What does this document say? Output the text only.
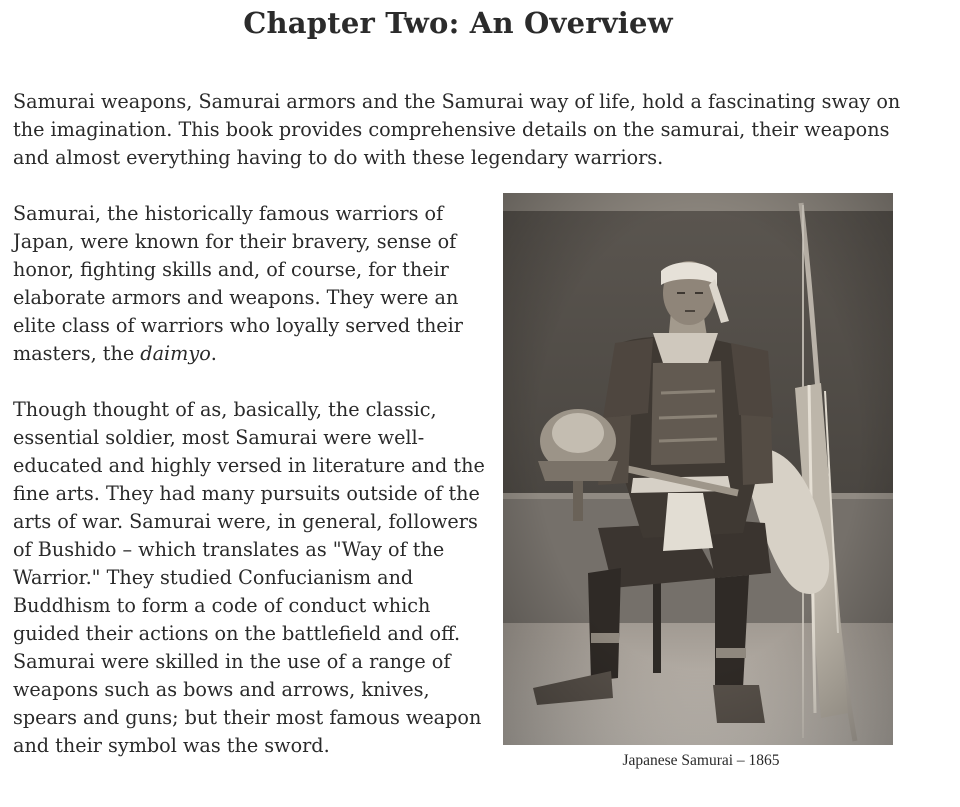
Chapter Two: An Overview

Samurai weapons, Samurai armors and the Samurai way of life, hold a fascinating sway on the imagination. This book provides comprehensive details on the samurai, their weapons and almost everything having to do with these legendary warriors.

Samurai, the historically famous warriors of Japan, were known for their bravery, sense of honor, fighting skills and, of course, for their elaborate armors and weapons. They were an elite class of warriors who loyally served their masters, the daimyo.

Though thought of as, basically, the classic, essential soldier, most Samurai were well-educated and highly versed in literature and the fine arts. They had many pursuits outside of the arts of war. Samurai were, in general, followers of Bushido – which translates as "Way of the Warrior." They studied Confucianism and Buddhism to form a code of conduct which guided their actions on the battlefield and off.

Samurai were skilled in the use of a range of weapons such as bows and arrows, knives, spears and guns; but their most famous weapon and their symbol was the sword.

Japanese Samurai – 1865
